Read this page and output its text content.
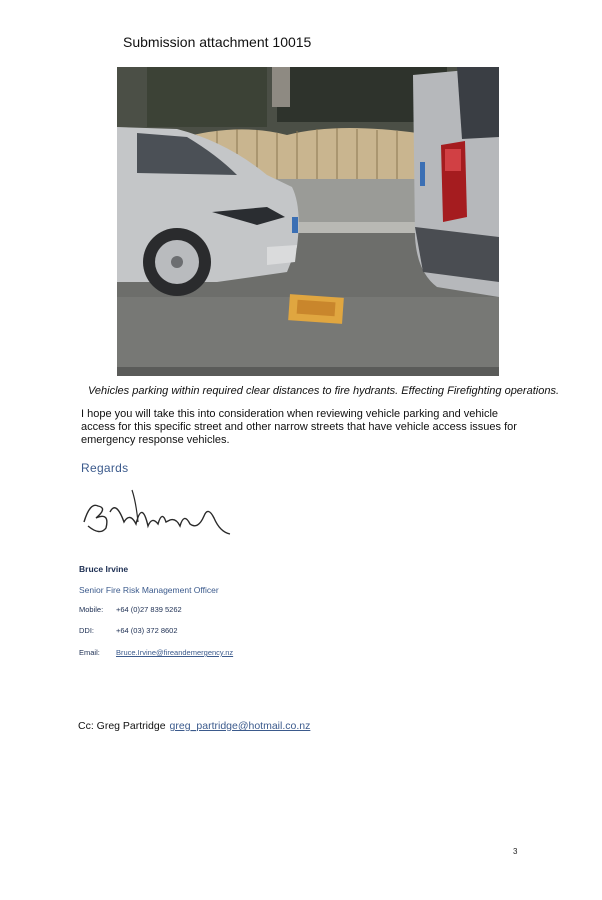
Submission attachment 10015
Vehicles parking within required clear distances to fire hydrants. Effecting Firefighting operations.
I hope you will take this into consideration when reviewing vehicle parking and vehicle access for this specific street and other narrow streets that have vehicle access issues for emergency response vehicles.
Regards
Bruce Irvine
Senior Fire Risk Management Officer
Mobile: +64 (0)27 839 5262
DDI:	+64 (03) 372 8602
Email: Bruce.Irvine@fireandemergency.nz
Cc: Greg Partridge greg_partridge@hotmail.co.nz
3
